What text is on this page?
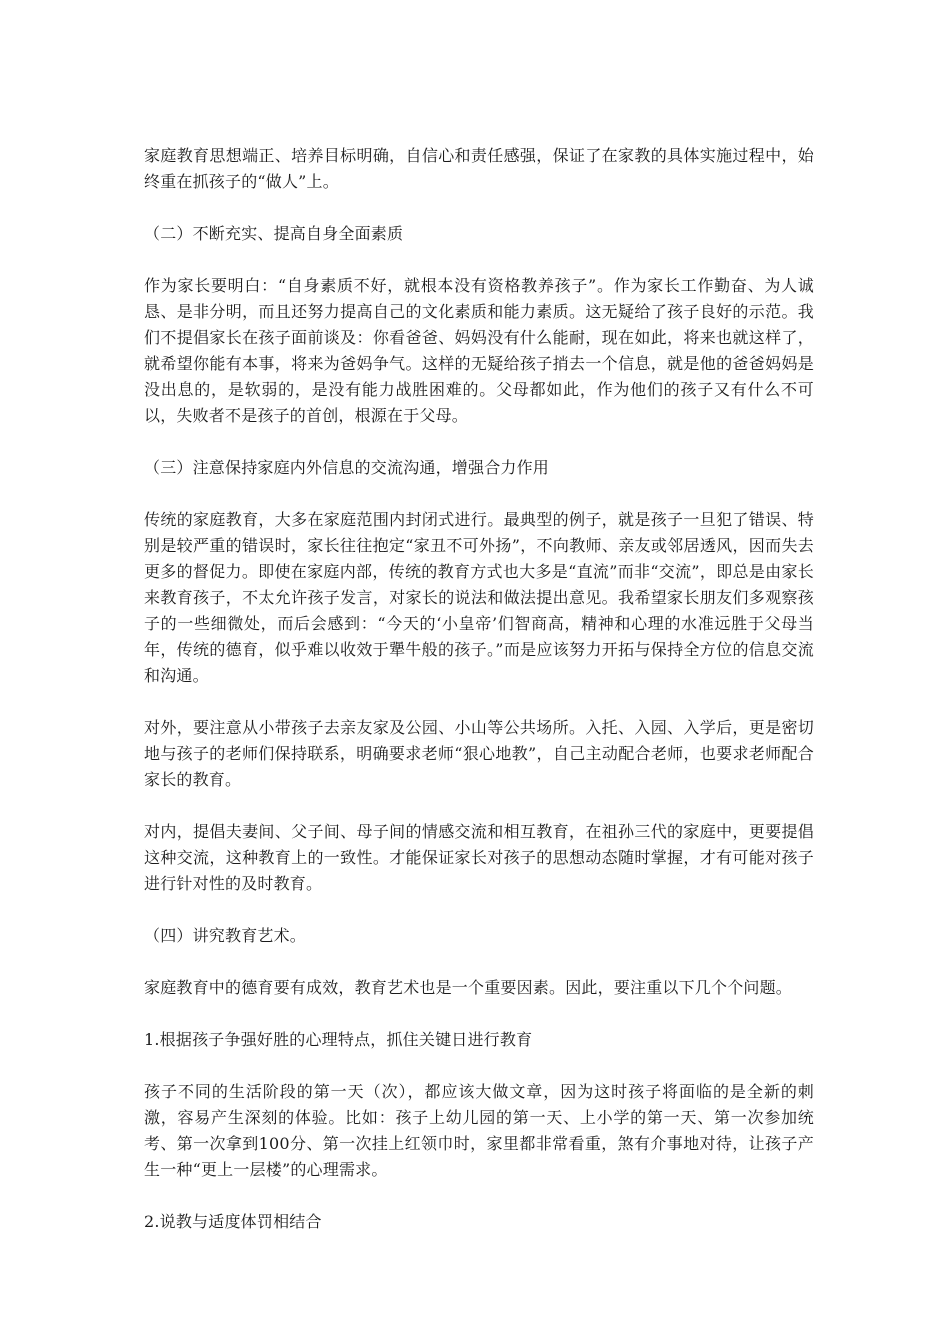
家庭教育思想端正、培养目标明确，自信心和责任感强，保证了在家教的具体实施过程中，始终重在抓孩子的“做人”上。

（二）不断充实、提高自身全面素质

作为家长要明白：“自身素质不好，就根本没有资格教养孩子”。作为家长工作勤奋、为人诚恳、是非分明，而且还努力提高自己的文化素质和能力素质。这无疑给了孩子良好的示范。我们不提倡家长在孩子面前谈及：你看爸爸、妈妈没有什么能耐，现在如此，将来也就这样了，就希望你能有本事，将来为爸妈争气。这样的无疑给孩子捎去一个信息，就是他的爸爸妈妈是没出息的，是软弱的，是没有能力战胜困难的。父母都如此，作为他们的孩子又有什么不可以，失败者不是孩子的首创，根源在于父母。

（三）注意保持家庭内外信息的交流沟通，增强合力作用

传统的家庭教育，大多在家庭范围内封闭式进行。最典型的例子，就是孩子一旦犯了错误、特别是较严重的错误时，家长往往抱定“家丑不可外扬”，不向教师、亲友或邻居透风，因而失去更多的督促力。即使在家庭内部，传统的教育方式也大多是“直流”而非“交流”，即总是由家长来教育孩子，不太允许孩子发言，对家长的说法和做法提出意见。我希望家长朋友们多观察孩子的一些细微处，而后会感到：“今天的‘小皇帝’们智商高，精神和心理的水准远胜于父母当年，传统的德育，似乎难以收效于犟牛般的孩子。”而是应该努力开拓与保持全方位的信息交流和沟通。

对外，要注意从小带孩子去亲友家及公园、小山等公共场所。入托、入园、入学后，更是密切地与孩子的老师们保持联系，明确要求老师“狠心地教”，自己主动配合老师，也要求老师配合家长的教育。

对内，提倡夫妻间、父子间、母子间的情感交流和相互教育，在祖孙三代的家庭中，更要提倡这种交流，这种教育上的一致性。才能保证家长对孩子的思想动态随时掌握，才有可能对孩子进行针对性的及时教育。

（四）讲究教育艺术。

家庭教育中的德育要有成效，教育艺术也是一个重要因素。因此，要注重以下几个个问题。

1.根据孩子争强好胜的心理特点，抓住关键日进行教育

孩子不同的生活阶段的第一天（次），都应该大做文章，因为这时孩子将面临的是全新的刺激，容易产生深刻的体验。比如：孩子上幼儿园的第一天、上小学的第一天、第一次参加统考、第一次拿到100分、第一次挂上红领巾时，家里都非常看重，煞有介事地对待，让孩子产生一种“更上一层楼”的心理需求。

2.说教与适度体罚相结合
